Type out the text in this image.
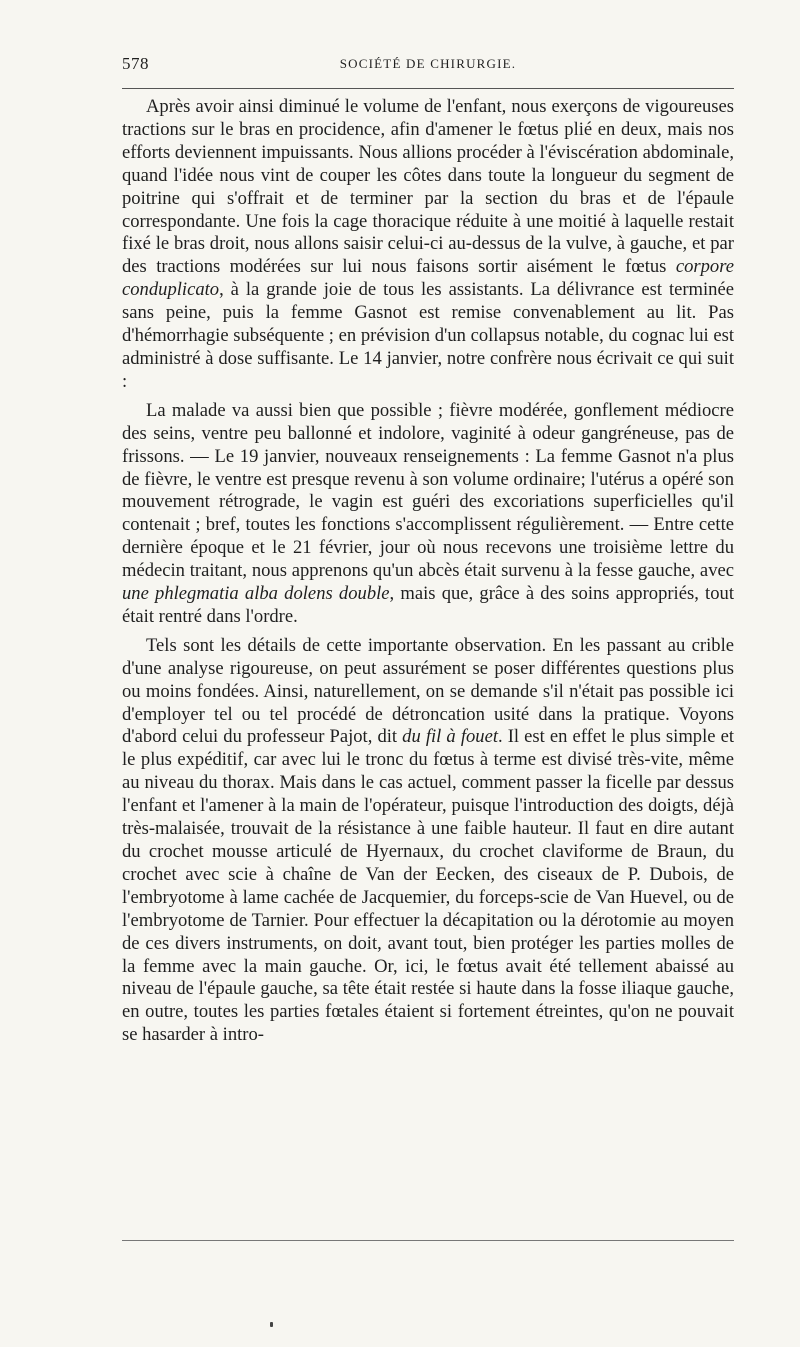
578	SOCIÉTÉ DE CHIRURGIE.

Après avoir ainsi diminué le volume de l'enfant, nous exerçons de vigoureuses tractions sur le bras en procidence, afin d'amener le fœtus plié en deux, mais nos efforts deviennent impuissants. Nous allions procéder à l'éviscération abdominale, quand l'idée nous vint de couper les côtes dans toute la longueur du segment de poitrine qui s'offrait et de terminer par la section du bras et de l'épaule correspondante. Une fois la cage thoracique réduite à une moitié à laquelle restait fixé le bras droit, nous allons saisir celui-ci au-dessus de la vulve, à gauche, et par des tractions modérées sur lui nous faisons sortir aisément le fœtus corpore conduplicato, à la grande joie de tous les assistants. La délivrance est terminée sans peine, puis la femme Gasnot est remise convenablement au lit. Pas d'hémorrhagie subséquente ; en prévision d'un collapsus notable, du cognac lui est administré à dose suffisante. Le 14 janvier, notre confrère nous écrivait ce qui suit :

La malade va aussi bien que possible ; fièvre modérée, gonflement médiocre des seins, ventre peu ballonné et indolore, vaginité à odeur gangréneuse, pas de frissons. — Le 19 janvier, nouveaux renseignements : La femme Gasnot n'a plus de fièvre, le ventre est presque revenu à son volume ordinaire; l'utérus a opéré son mouvement rétrograde, le vagin est guéri des excoriations superficielles qu'il contenait ; bref, toutes les fonctions s'accomplissent régulièrement. — Entre cette dernière époque et le 21 février, jour où nous recevons une troisième lettre du médecin traitant, nous apprenons qu'un abcès était survenu à la fesse gauche, avec une phlegmatia alba dolens double, mais que, grâce à des soins appropriés, tout était rentré dans l'ordre.

Tels sont les détails de cette importante observation. En les passant au crible d'une analyse rigoureuse, on peut assurément se poser différentes questions plus ou moins fondées. Ainsi, naturellement, on se demande s'il n'était pas possible ici d'employer tel ou tel procédé de détroncation usité dans la pratique. Voyons d'abord celui du professeur Pajot, dit du fil à fouet. Il est en effet le plus simple et le plus expéditif, car avec lui le tronc du fœtus à terme est divisé très-vite, même au niveau du thorax. Mais dans le cas actuel, comment passer la ficelle par dessus l'enfant et l'amener à la main de l'opérateur, puisque l'introduction des doigts, déjà très-malaisée, trouvait de la résistance à une faible hauteur. Il faut en dire autant du crochet mousse articulé de Hyernaux, du crochet claviforme de Braun, du crochet avec scie à chaîne de Van der Eecken, des ciseaux de P. Dubois, de l'embryotome à lame cachée de Jacquemier, du forceps-scie de Van Huevel, ou de l'embryotome de Tarnier. Pour effectuer la décapitation ou la dérotomie au moyen de ces divers instruments, on doit, avant tout, bien protéger les parties molles de la femme avec la main gauche. Or, ici, le fœtus avait été tellement abaissé au niveau de l'épaule gauche, sa tête était restée si haute dans la fosse iliaque gauche, en outre, toutes les parties fœtales étaient si fortement étreintes, qu'on ne pouvait se hasarder à intro-
